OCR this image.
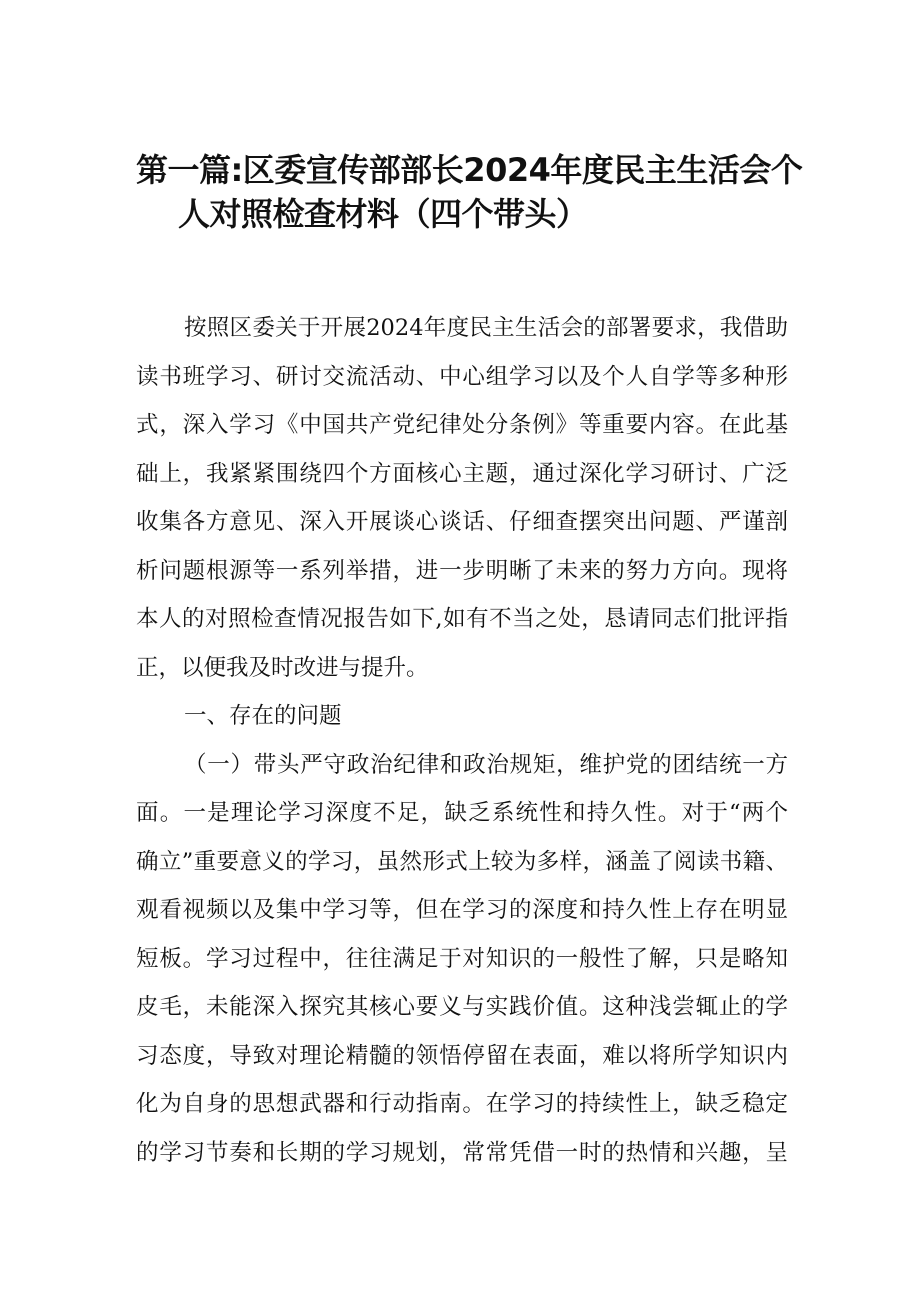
第一篇:区委宣传部部长2024年度民主生活会个
人对照检查材料（四个带头）
按照区委关于开展2024年度民主生活会的部署要求，我借助
读书班学习、研讨交流活动、中心组学习以及个人自学等多种形
式，深入学习《中国共产党纪律处分条例》等重要内容。在此基
础上，我紧紧围绕四个方面核心主题，通过深化学习研讨、广泛
收集各方意见、深入开展谈心谈话、仔细查摆突出问题、严谨剖
析问题根源等一系列举措，进一步明晰了未来的努力方向。现将
本人的对照检查情况报告如下,如有不当之处，恳请同志们批评指
正，以便我及时改进与提升。
一、存在的问题
（一）带头严守政治纪律和政治规矩，维护党的团结统一方
面。一是理论学习深度不足，缺乏系统性和持久性。对于“两个
确立”重要意义的学习，虽然形式上较为多样，涵盖了阅读书籍、
观看视频以及集中学习等，但在学习的深度和持久性上存在明显
短板。学习过程中，往往满足于对知识的一般性了解，只是略知
皮毛，未能深入探究其核心要义与实践价值。这种浅尝辄止的学
习态度，导致对理论精髓的领悟停留在表面，难以将所学知识内
化为自身的思想武器和行动指南。在学习的持续性上，缺乏稳定
的学习节奏和长期的学习规划，常常凭借一时的热情和兴趣，呈
